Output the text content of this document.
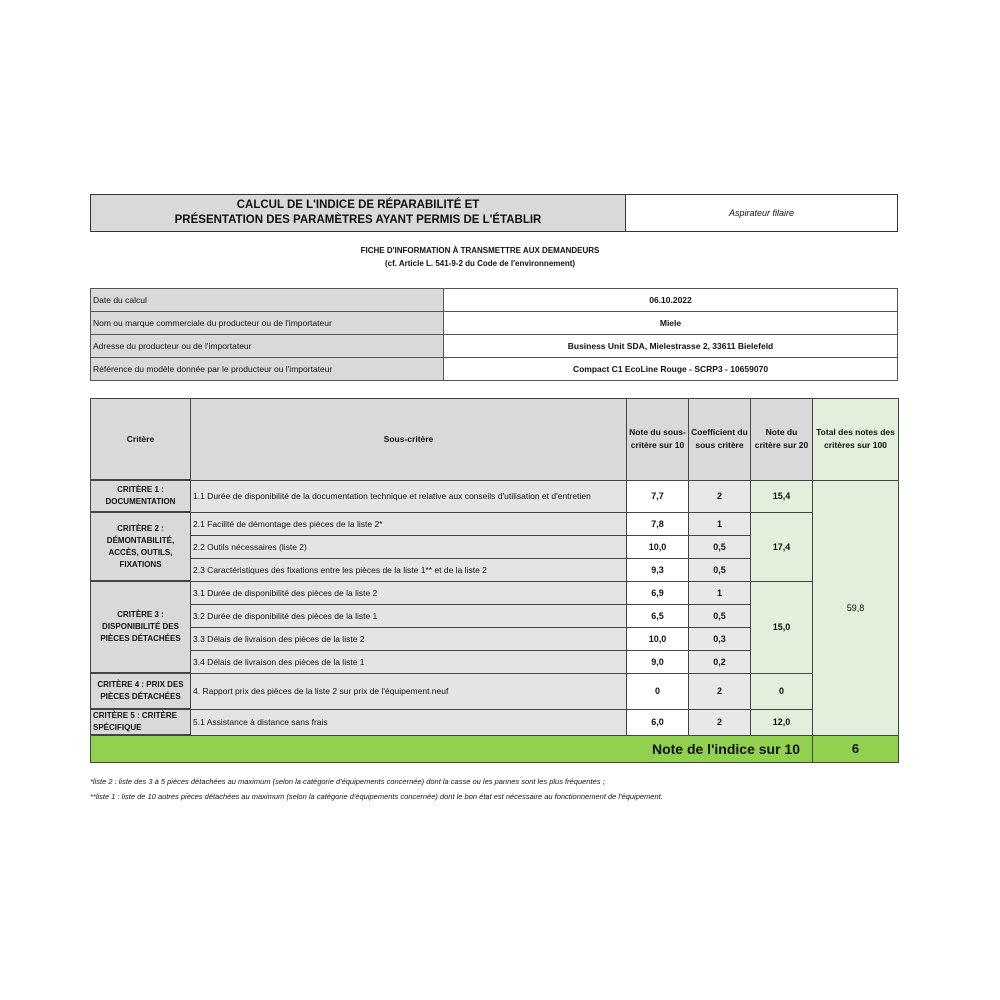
CALCUL DE L'INDICE DE RÉPARABILITÉ ET
PRÉSENTATION DES PARAMÈTRES AYANT PERMIS DE L'ÉTABLIR
Aspirateur filaire
FICHE D'INFORMATION À TRANSMETTRE AUX DEMANDEURS
(cf. Article L. 541-9-2 du Code de l'environnement)
Date du calcul	06.10.2022
Nom ou marque commerciale du producteur ou de l'importateur	Miele
Adresse du producteur ou de l'importateur	Business Unit SDA, Mielestrasse 2, 33611 Bielefeld
Référence du modèle donnée par le producteur ou l'importateur	Compact C1 EcoLine Rouge - SCRP3 - 10659070
Critère	Sous-critère	Note du sous-critère sur 10	Coefficient du sous critère	Note du critère sur 20	Total des notes des critères sur 100
CRITÈRE 1 : DOCUMENTATION	1.1 Durée de disponibilité de la documentation technique et relative aux conseils d'utilisation et d'entretien	7,7	2	15,4	59,8
CRITÈRE 2 : DÉMONTABILITÉ, ACCÈS, OUTILS, FIXATIONS	2.1 Facilité de démontage des pièces de la liste 2*	7,8	1	17,4	
	2.2 Outils nécessaires (liste 2)	10,0	0,5		
	2.3 Caractéristiques des fixations entre les pièces de la liste 1** et de la liste 2	9,3	0,5		
CRITÈRE 3 : DISPONIBILITÉ DES PIÈCES DÉTACHÉES	3.1 Durée de disponibilité des pièces de la liste 2	6,9	1	15,0	
	3.2 Durée de disponibilité des pièces de la liste 1	6,5	0,5		
	3.3 Délais de livraison des pièces de la liste 2	10,0	0,3		
	3.4 Délais de livraison des pièces de la liste 1	9,0	0,2		
CRITÈRE 4 : PRIX DES PIÈCES DÉTACHÉES	4. Rapport prix des pièces de la liste 2 sur prix de l'équipement neuf	0	2	0	
CRITÈRE 5 : CRITÈRE SPÉCIFIQUE	5.1 Assistance à distance sans frais	6,0	2	12,0	
Note de l'indice sur 10					6
*liste 2 : liste des 3 à 5 pièces détachées au maximum (selon la catégorie d'équipements concernée) dont la casse ou les pannes sont les plus fréquentes ;
**liste 1 : liste de 10 autres pièces détachées au maximum (selon la catégorie d'équipements concernée) dont le bon état est nécessaire au fonctionnement de l'équipement.
